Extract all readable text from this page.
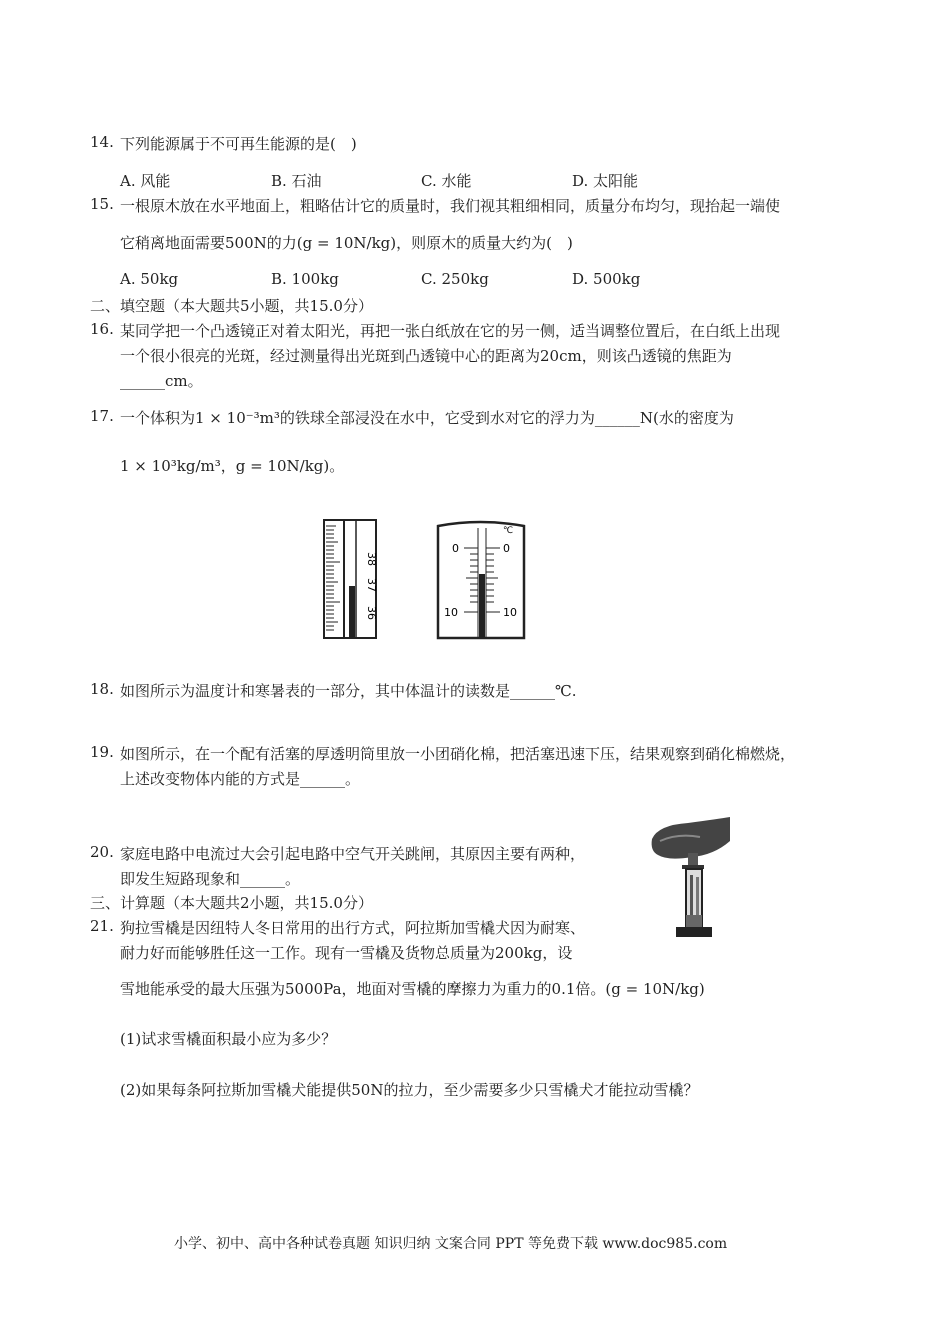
14. 下列能源属于不可再生能源的是(　)
A. 风能	B. 石油	C. 水能	D. 太阳能
15. 一根原木放在水平地面上，粗略估计它的质量时，我们视其粗细相同，质量分布均匀，现抬起一端使
它稍离地面需要500N的力(g = 10N/kg)，则原木的质量大约为(　)
A. 50kg	B. 100kg	C. 250kg	D. 500kg
二、填空题（本大题共5小题，共15.0分）
16. 某同学把一个凸透镜正对着太阳光，再把一张白纸放在它的另一侧，适当调整位置后，在白纸上出现
一个很小很亮的光斑，经过测量得出光斑到凸透镜中心的距离为20cm，则该凸透镜的焦距为
______cm。
17. 一个体积为1 × 10⁻³m³的铁球全部浸没在水中，它受到水对它的浮力为______N(水的密度为
1 × 10³kg/m³，g = 10N/kg)。
38
37
36
℃
0	0
10	10
18. 如图所示为温度计和寒暑表的一部分，其中体温计的读数是______℃.
19. 如图所示，在一个配有活塞的厚透明筒里放一小团硝化棉，把活塞迅速下压，结果观察到硝化棉燃烧，
上述改变物体内能的方式是______。
20. 家庭电路中电流过大会引起电路中空气开关跳闸，其原因主要有两种，
即发生短路现象和______。
三、计算题（本大题共2小题，共15.0分）
21. 狗拉雪橇是因纽特人冬日常用的出行方式，阿拉斯加雪橇犬因为耐寒、
耐力好而能够胜任这一工作。现有一雪橇及货物总质量为200kg，设
雪地能承受的最大压强为5000Pa，地面对雪橇的摩擦力为重力的0.1倍。(g = 10N/kg)
(1)试求雪橇面积最小应为多少？
(2)如果每条阿拉斯加雪橇犬能提供50N的拉力，至少需要多少只雪橇犬才能拉动雪橇？
小学、初中、高中各种试卷真题 知识归纳 文案合同 PPT 等免费下载 www.doc985.com
